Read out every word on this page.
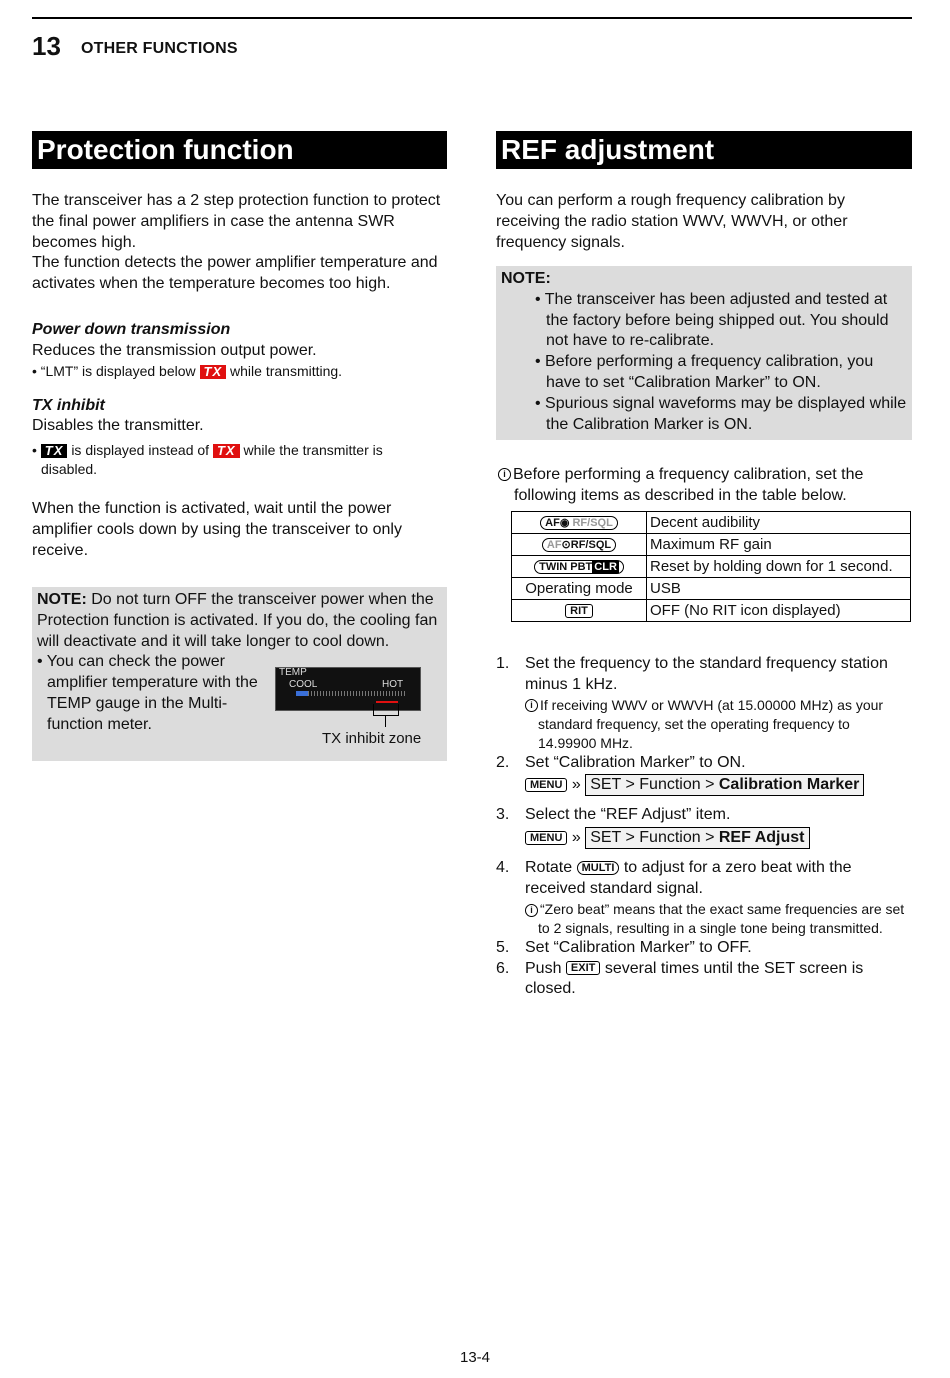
13 OTHER FUNCTIONS
Protection function

The transceiver has a 2 step protection function to protect the final power amplifiers in case the antenna SWR becomes high.

The function detects the power amplifier temperature and activates when the temperature becomes too high.

Power down transmission

Reduces the transmission output power.

• “LMT” is displayed below TX while transmitting.

TX inhibit

Disables the transmitter.

• TX is displayed instead of TX while the transmitter is

disabled.

When the function is activated, wait until the power amplifier cools down by using the transceiver to only receive.

NOTE: Do not turn OFF the transceiver power when the Protection function is activated. If you do, the cooling fan will deactivate and it will take longer to cool down.

• You can check the power amplifier temperature with the TEMP gauge in the Multi-function meter.

TEMP
COOL	HOT
TX inhibit zone
REF adjustment
You can perform a rough frequency calibration by receiving the radio station WWV, WWVH, or other frequency signals.

NOTE:

• The transceiver has been adjusted and tested at the factory before being shipped out. You should not have to re-calibrate.

• Before performing a frequency calibration, you have to set “Calibration Marker” to ON.

• Spurious signal waveforms may be displayed while the Calibration Marker is ON.

i Before performing a frequency calibration, set the following items as described in the table below.
AF◉ RF/SQL	Decent audibility
AF⊙RF/SQL	Maximum RF gain
TWIN PBT CLR	Reset by holding down for 1 second.
Operating mode	USB
RIT	OFF (No RIT icon displayed)
1. Set the frequency to the standard frequency station minus 1 kHz.

i If receiving WWV or WWVH (at 15.00000 MHz) as your standard frequency, set the operating frequency to 14.99900 MHz.

2. Set “Calibration Marker” to ON.

MENU » SET > Function > Calibration Marker

3. Select the “REF Adjust” item.

MENU » SET > Function > REF Adjust

4. Rotate MULTI to adjust for a zero beat with the received standard signal.

i “Zero beat” means that the exact same frequencies are set to 2 signals, resulting in a single tone being transmitted.

5. Set “Calibration Marker” to OFF.

6. Push EXIT several times until the SET screen is closed.

13-4
